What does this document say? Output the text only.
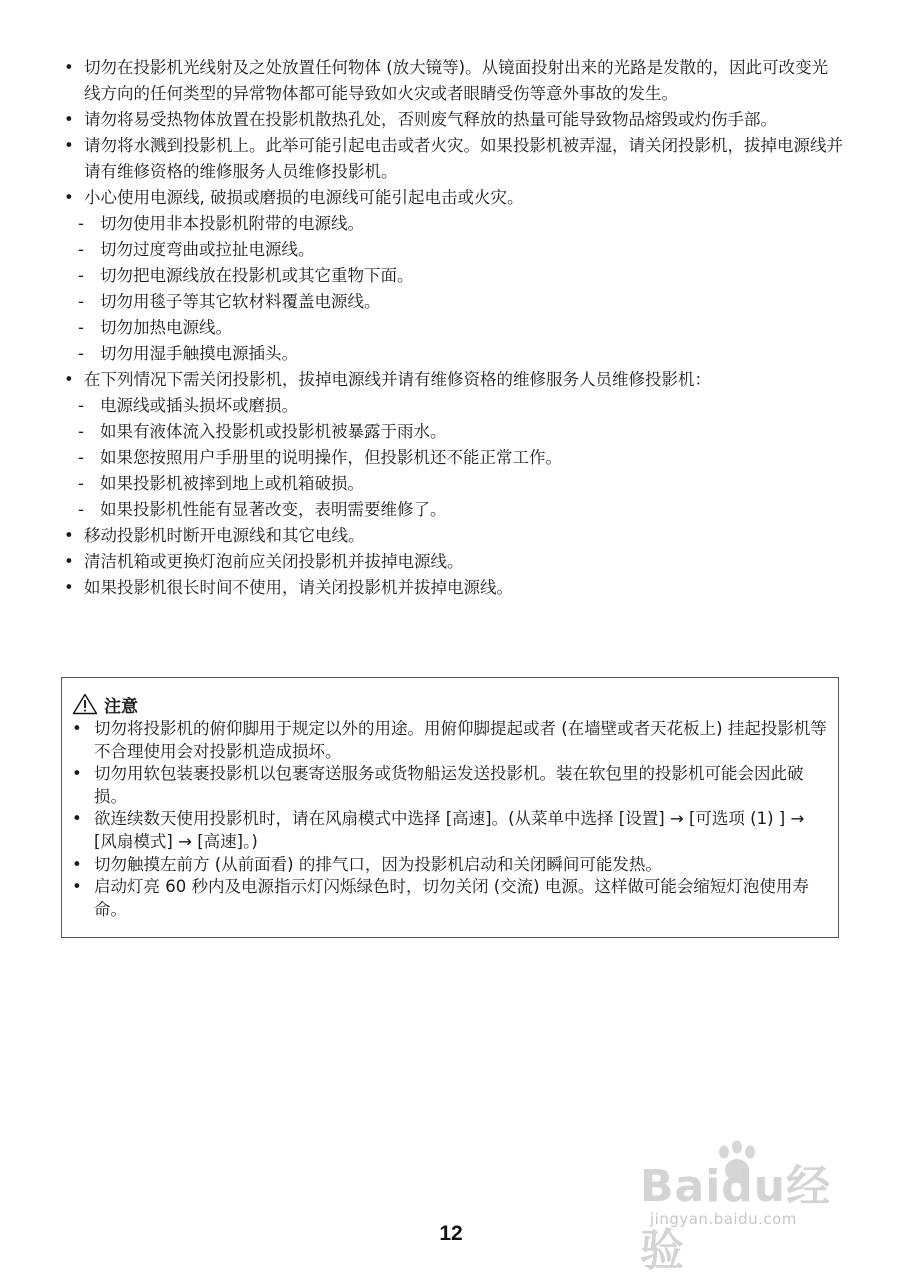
• 切勿在投影机光线射及之处放置任何物体 (放大镜等)。从镜面投射出来的光路是发散的，因此可改变光线方向的任何类型的异常物体都可能导致如火灾或者眼睛受伤等意外事故的发生。
• 请勿将易受热物体放置在投影机散热孔处，否则废气释放的热量可能导致物品熔毁或灼伤手部。
• 请勿将水溅到投影机上。此举可能引起电击或者火灾。如果投影机被弄湿，请关闭投影机，拔掉电源线并请有维修资格的维修服务人员维修投影机。
• 小心使用电源线, 破损或磨损的电源线可能引起电击或火灾。
- 切勿使用非本投影机附带的电源线。
- 切勿过度弯曲或拉扯电源线。
- 切勿把电源线放在投影机或其它重物下面。
- 切勿用毯子等其它软材料覆盖电源线。
- 切勿加热电源线。
- 切勿用湿手触摸电源插头。
• 在下列情况下需关闭投影机，拔掉电源线并请有维修资格的维修服务人员维修投影机：
- 电源线或插头损坏或磨损。
- 如果有液体流入投影机或投影机被暴露于雨水。
- 如果您按照用户手册里的说明操作，但投影机还不能正常工作。
- 如果投影机被摔到地上或机箱破损。
- 如果投影机性能有显著改变，表明需要维修了。
• 移动投影机时断开电源线和其它电线。
• 清洁机箱或更换灯泡前应关闭投影机并拔掉电源线。
• 如果投影机很长时间不使用，请关闭投影机并拔掉电源线。
注意
• 切勿将投影机的俯仰脚用于规定以外的用途。用俯仰脚提起或者 (在墙壁或者天花板上) 挂起投影机等不合理使用会对投影机造成损坏。
• 切勿用软包装裹投影机以包裹寄送服务或货物船运发送投影机。装在软包里的投影机可能会因此破损。
• 欲连续数天使用投影机时，请在风扇模式中选择 [高速]。(从菜单中选择 [设置] → [可选项 (1) ] → [风扇模式] → [高速]。)
• 切勿触摸左前方 (从前面看) 的排气口，因为投影机启动和关闭瞬间可能发热。
• 启动灯亮 60 秒内及电源指示灯闪烁绿色时，切勿关闭 (交流) 电源。这样做可能会缩短灯泡使用寿命。
Baidu经验
jingyan.baidu.com
12
